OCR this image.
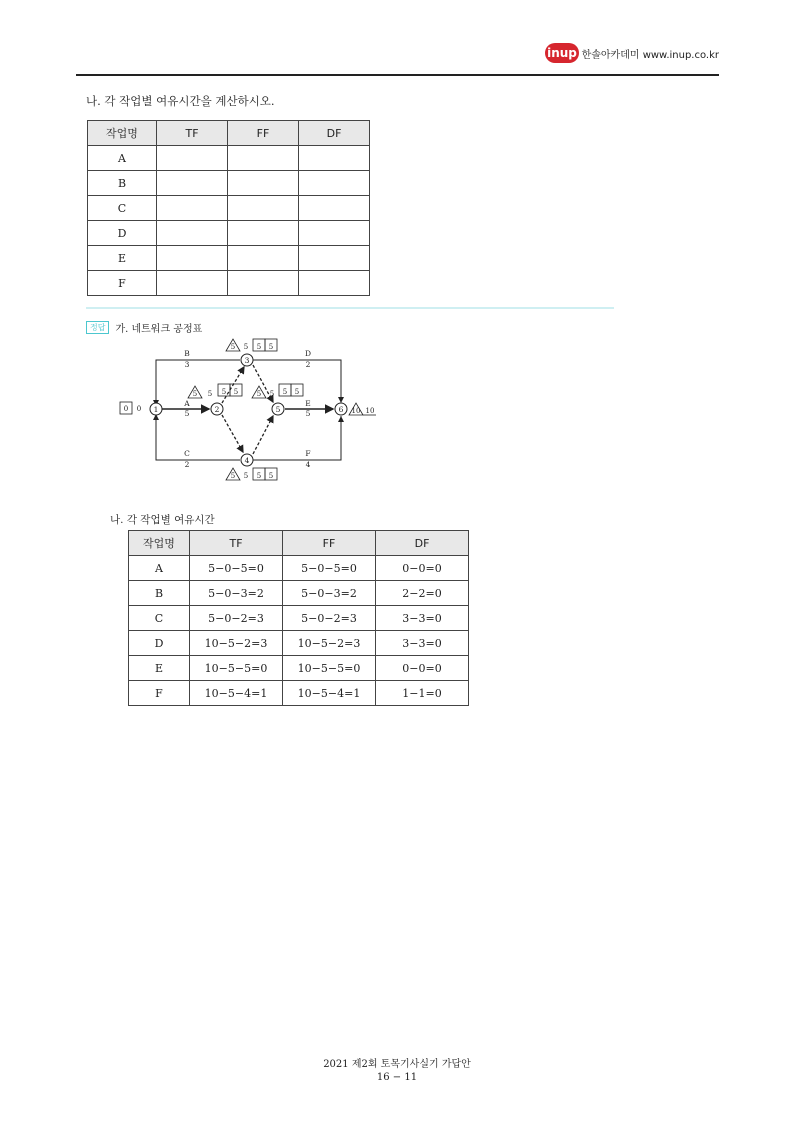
inup 한솔아카데미 www.inup.co.kr
나. 각 작업별 여유시간을 계산하시오.
작업명	TF	FF	DF
A			
B			
C			
D			
E			
F			
정답	가. 네트워크 공정표
1	2
3
4
5	6
A
5
B
3
C
2
D
2
E
5
F
4
0 0
5 5 5 5
5 5 5 5	5 5 5 5
5 5 5 5
10 10
나. 각 작업별 여유시간
작업명	TF	FF	DF
A	5−0−5=0	5−0−5=0	0−0=0
B	5−0−3=2	5−0−3=2	2−2=0
C	5−0−2=3	5−0−2=3	3−3=0
D	10−5−2=3	10−5−2=3	3−3=0
E	10−5−5=0	10−5−5=0	0−0=0
F	10−5−4=1	10−5−4=1	1−1=0
2021 제2회 토목기사실기 가답안
16 − 11
